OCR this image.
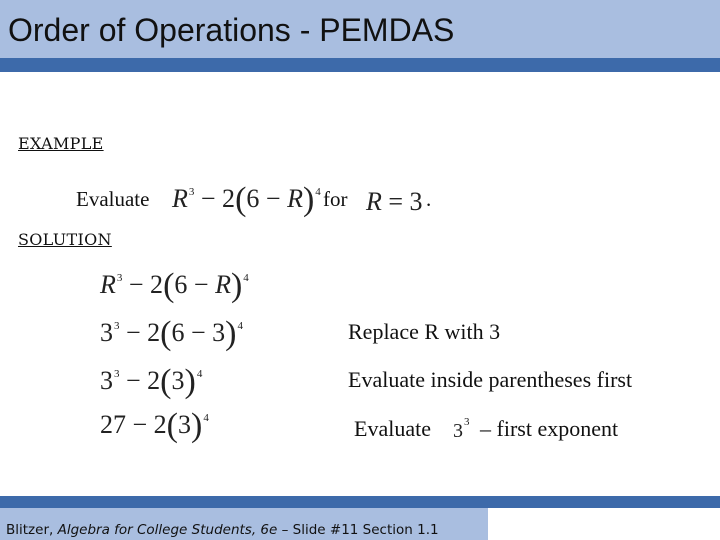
Order of Operations - PEMDAS
EXAMPLE
Evaluate $R^3 - 2(6 - R)^4$ for R = 3 .
SOLUTION
$R^3 - 2(6 - R)^4$
$3^3 - 2(6 - 3)^4$	Replace R with 3
$3^3 - 2(3)^4$	Evaluate inside parentheses first
$27 - 2(3)^4$	Evaluate $3^3$ – first exponent
Blitzer, Algebra for College Students, 6e – Slide #11 Section 1.1
